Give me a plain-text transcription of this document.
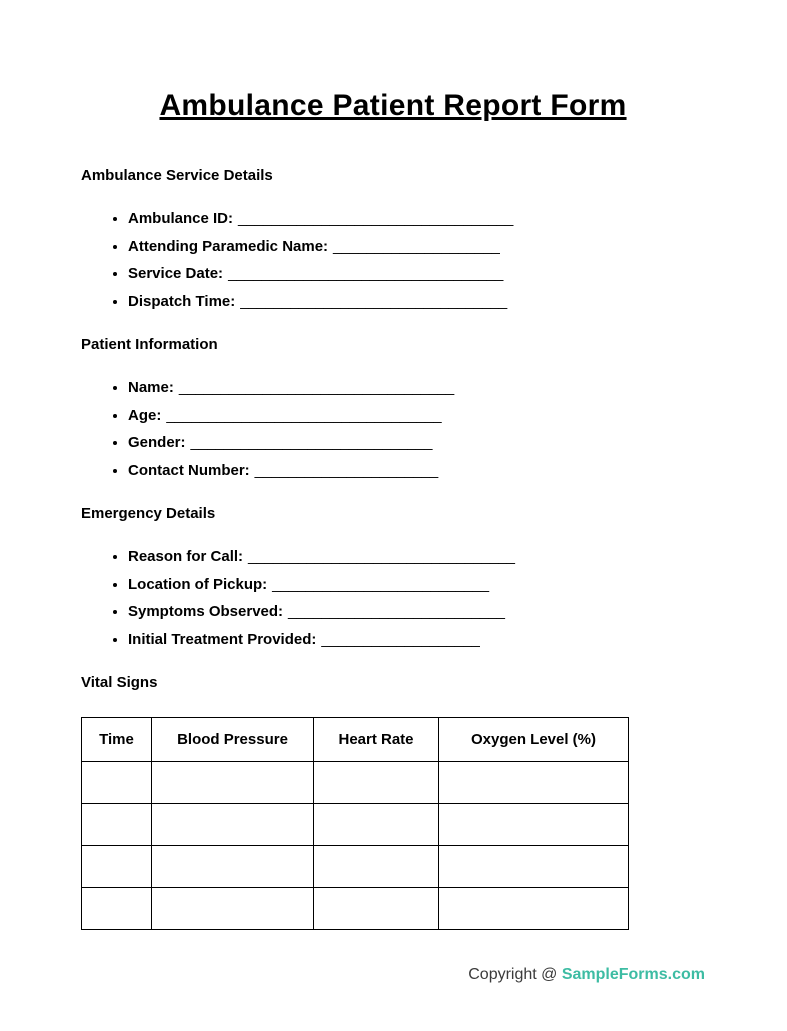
Ambulance Patient Report Form
Ambulance Service Details
• Ambulance ID: _________________________________
• Attending Paramedic Name: ____________________
• Service Date: _________________________________
• Dispatch Time: ________________________________
Patient Information
• Name: _________________________________
• Age: _________________________________
• Gender: _____________________________
• Contact Number: ______________________
Emergency Details
• Reason for Call: ________________________________
• Location of Pickup: __________________________
• Symptoms Observed: __________________________
• Initial Treatment Provided: ___________________
Vital Signs
Time	Blood Pressure	Heart Rate	Oxygen Level (%)

Copyright @ SampleForms.com
